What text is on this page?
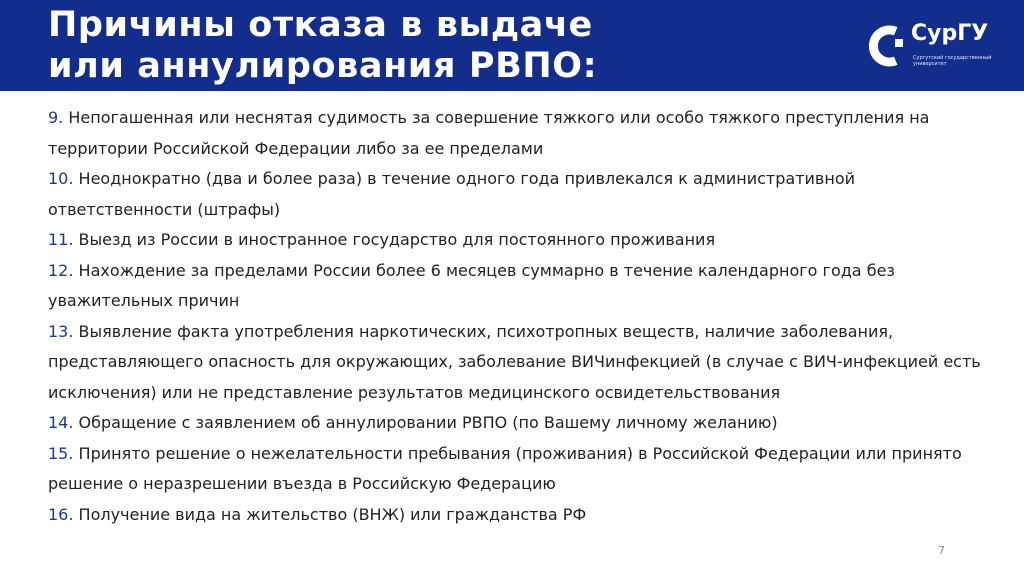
Причины отказа в выдаче
или аннулирования РВПО:
СурГУ
Сургутский государственный университет
9. Непогашенная или неснятая судимость за совершение тяжкого или особо тяжкого преступления на территории Российской Федерации либо за ее пределами
10. Неоднократно (два и более раза) в течение одного года привлекался к административной ответственности (штрафы)
11. Выезд из России в иностранное государство для постоянного проживания
12. Нахождение за пределами России более 6 месяцев суммарно в течение календарного года без уважительных причин
13. Выявление факта употребления наркотических, психотропных веществ, наличие заболевания, представляющего опасность для окружающих, заболевание ВИЧинфекцией (в случае с ВИЧ-инфекцией есть исключения) или не представление результатов медицинского освидетельствования
14. Обращение с заявлением об аннулировании РВПО (по Вашему личному желанию)
15. Принято решение о нежелательности пребывания (проживания) в Российской Федерации или принято решение о неразрешении въезда в Российскую Федерацию
16. Получение вида на жительство (ВНЖ) или гражданства РФ
7
